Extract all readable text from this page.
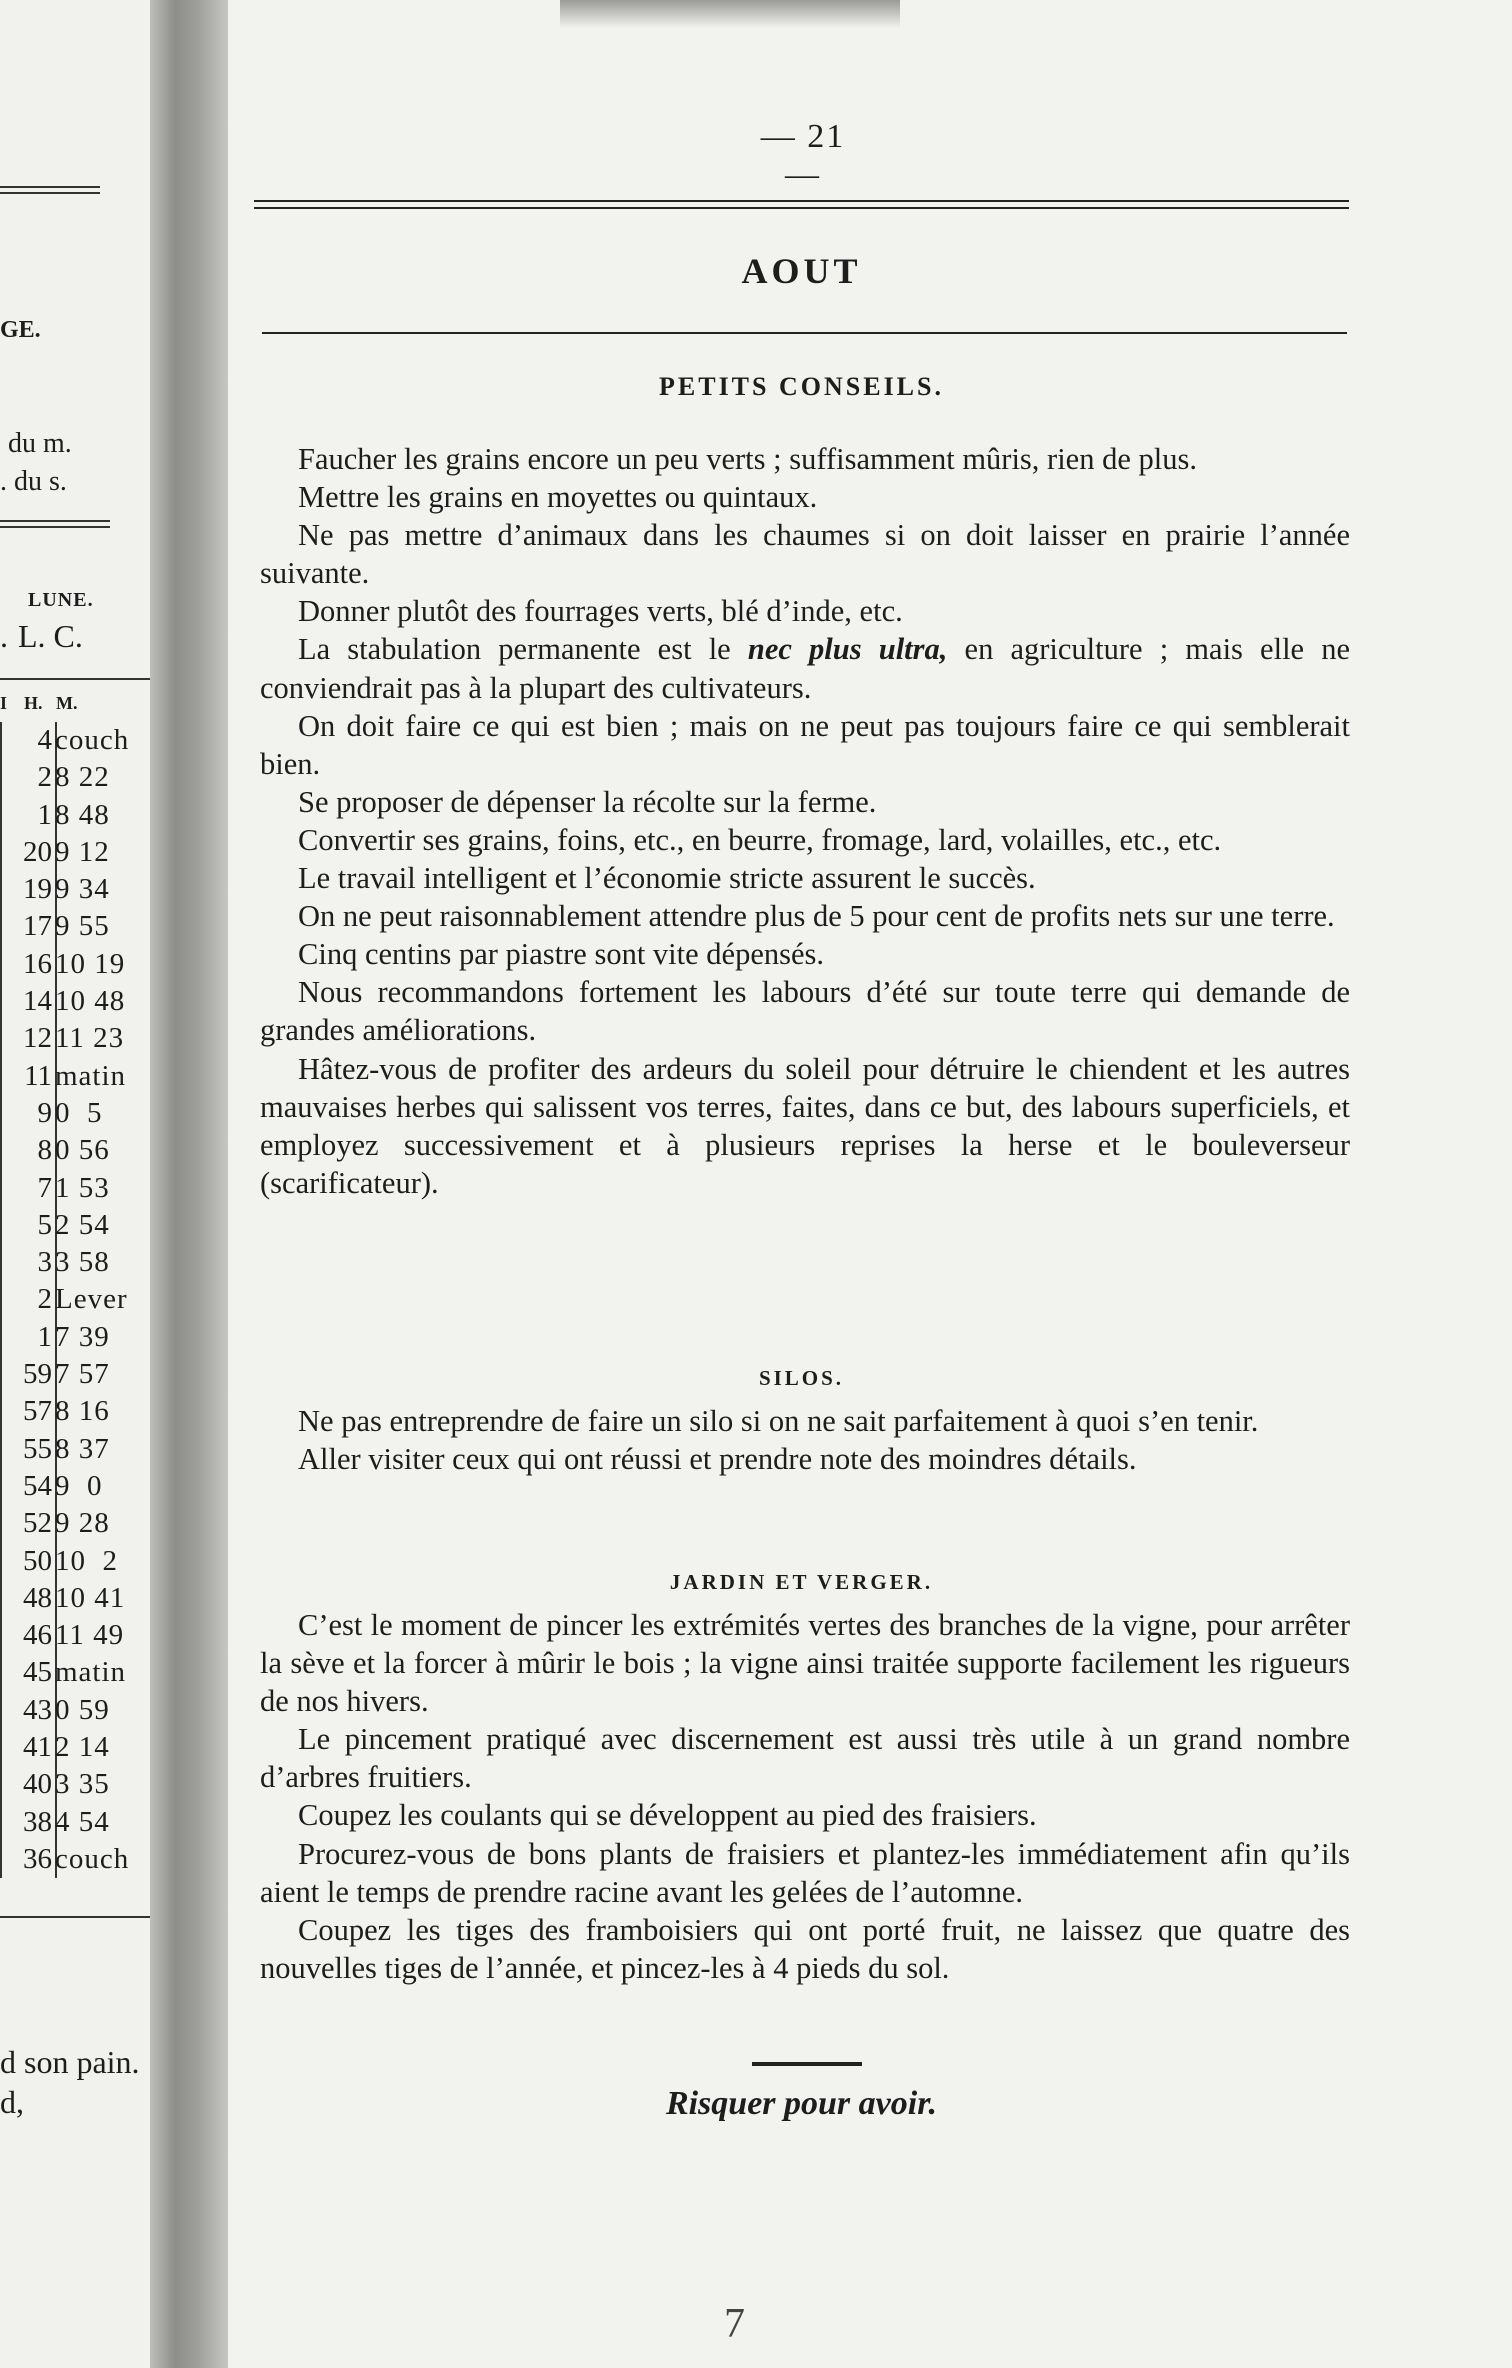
GE.
du m.
. du s.
LUNE.
. L. C.
I H.   M.
4 couch
2 8 22
1 8 48
20 9 12
19 9 34
17 9 55
16 10 19
14 10 48
12 11 23
11 matin
9 0  5
8 0 56
7 1 53
5 2 54
3 3 58
2 Lever
1 7 39
59 7 57
57 8 16
55 8 37
54 9  0
52 9 28
50 10  2
48 10 41
46 11 49
45 matin
43 0 59
41 2 14
40 3 35
38 4 54
36 couch
d son pain.
d,
— 21 —
AOUT
PETITS CONSEILS.

Faucher les grains encore un peu verts ; suffisamment mûris, rien de plus.

Mettre les grains en moyettes ou quintaux.

Ne pas mettre d’animaux dans les chaumes si on doit laisser en prairie l’année suivante.

Donner plutôt des fourrages verts, blé d’inde, etc.

La stabulation permanente est le nec plus ultra, en agriculture ; mais elle ne conviendrait pas à la plupart des cultivateurs.

On doit faire ce qui est bien ; mais on ne peut pas toujours faire ce qui semblerait bien.

Se proposer de dépenser la récolte sur la ferme.

Convertir ses grains, foins, etc., en beurre, fromage, lard, volailles, etc., etc.

Le travail intelligent et l’économie stricte assurent le succès.

On ne peut raisonnablement attendre plus de 5 pour cent de profits nets sur une terre.

Cinq centins par piastre sont vite dépensés.

Nous recommandons fortement les labours d’été sur toute terre qui demande de grandes améliorations.

Hâtez-vous de profiter des ardeurs du soleil pour détruire le chiendent et les autres mauvaises herbes qui salissent vos terres, faites, dans ce but, des labours superficiels, et employez successivement et à plusieurs reprises la herse et le bouleverseur (scarificateur).

SILOS.

Ne pas entreprendre de faire un silo si on ne sait parfaitement à quoi s’en tenir.

Aller visiter ceux qui ont réussi et prendre note des moindres détails.

JARDIN ET VERGER.

C’est le moment de pincer les extrémités vertes des branches de la vigne, pour arrêter la sève et la forcer à mûrir le bois ; la vigne ainsi traitée supporte facilement les rigueurs de nos hivers.

Le pincement pratiqué avec discernement est aussi très utile à un grand nombre d’arbres fruitiers.

Coupez les coulants qui se développent au pied des fraisiers.

Procurez-vous de bons plants de fraisiers et plantez-les immédiatement afin qu’ils aient le temps de prendre racine avant les gelées de l’automne.

Coupez les tiges des framboisiers qui ont porté fruit, ne laissez que quatre des nouvelles tiges de l’année, et pincez-les à 4 pieds du sol.

Risquer pour avoir.
7
